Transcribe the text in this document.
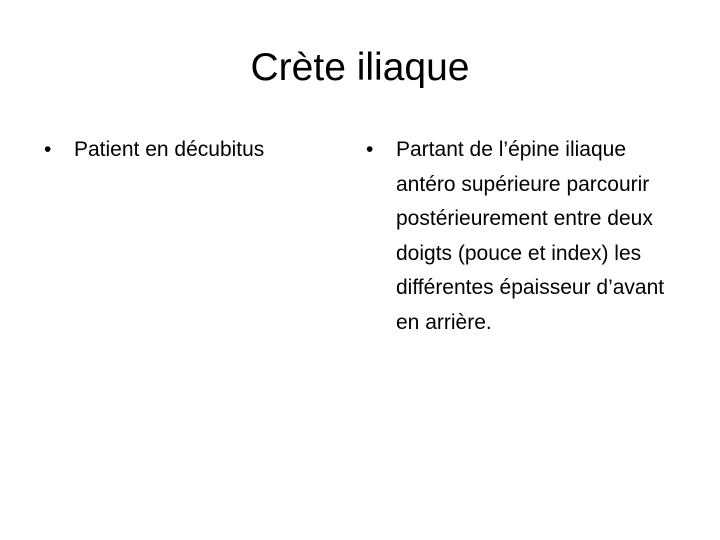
Crète iliaque
•	Patient en décubitus	•	Partant de l’épine iliaque antéro supérieure parcourir postérieurement entre deux doigts (pouce et index) les différentes épaisseur d’avant en arrière.
